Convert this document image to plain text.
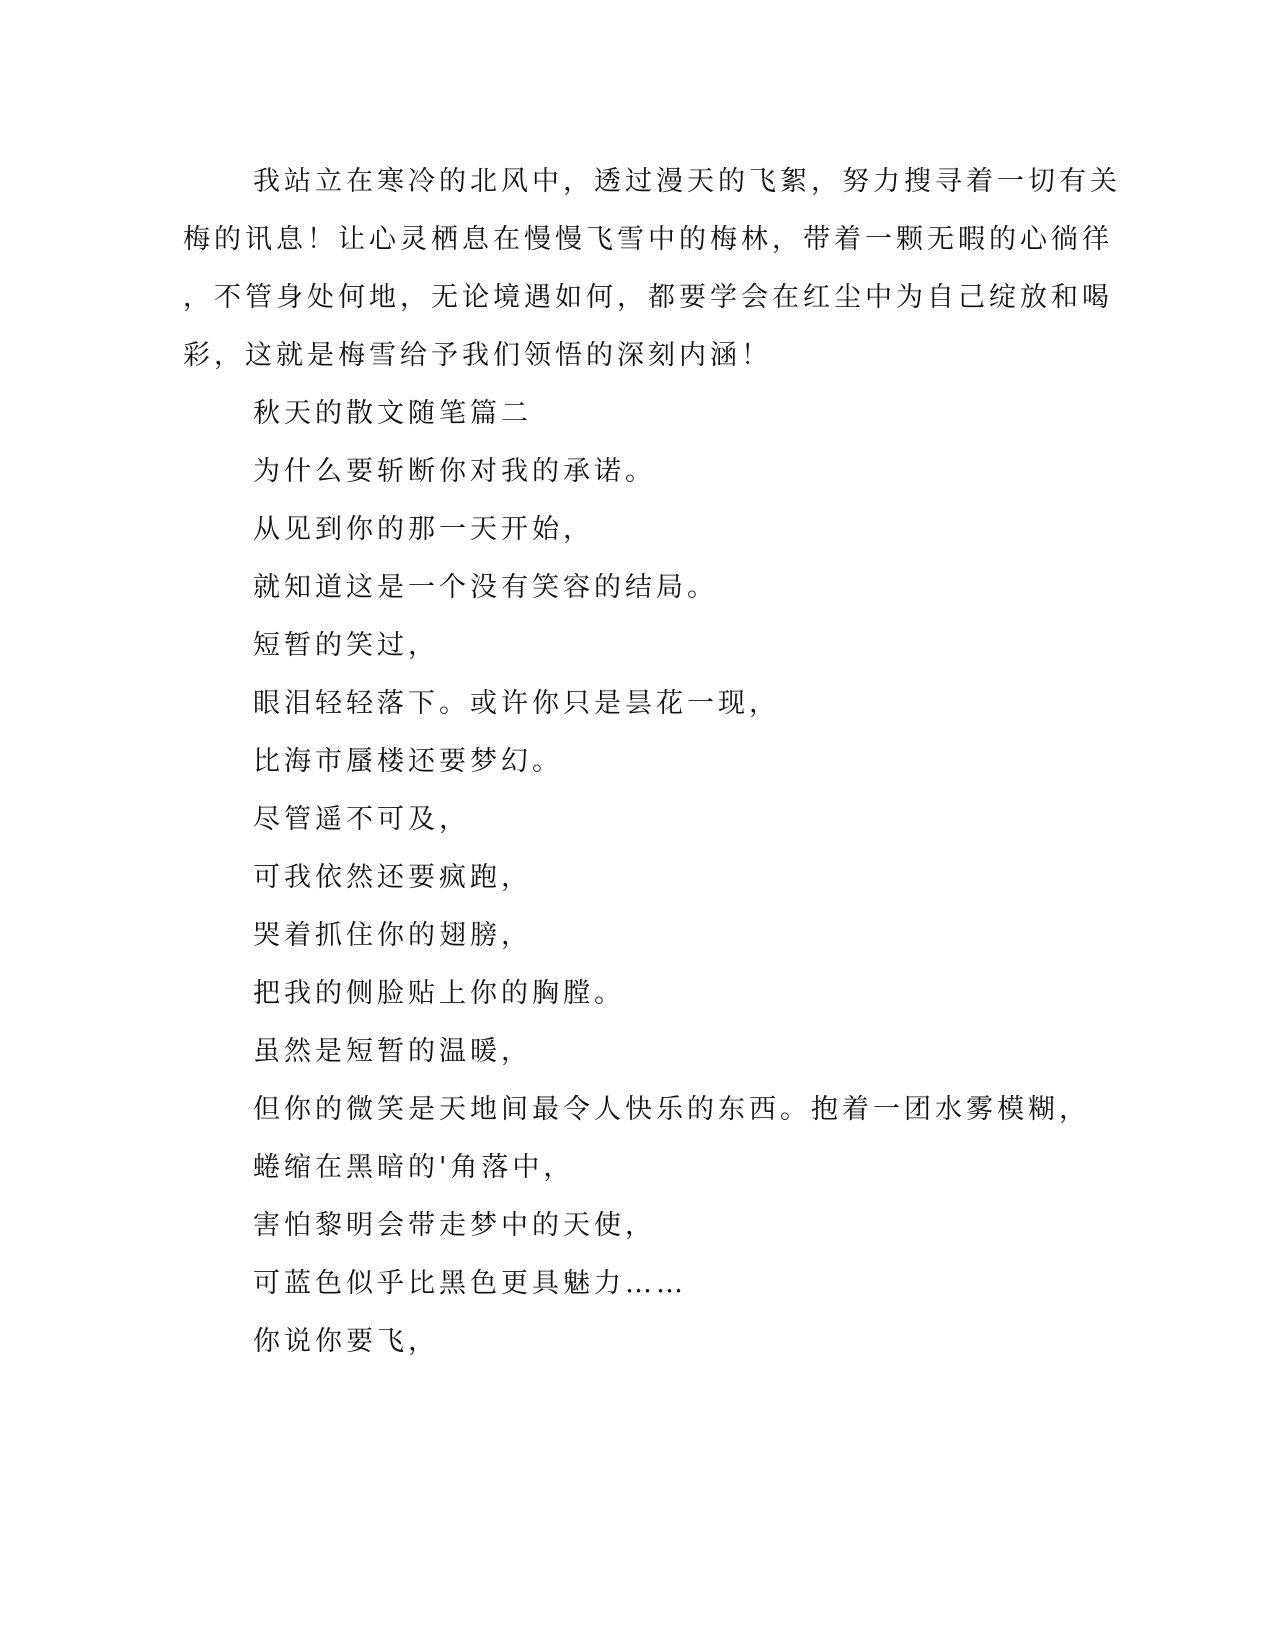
我站立在寒冷的北风中，透过漫天的飞絮，努力搜寻着一切有关
梅的讯息！让心灵栖息在慢慢飞雪中的梅林，带着一颗无暇的心徜徉
，不管身处何地，无论境遇如何，都要学会在红尘中为自己绽放和喝
彩，这就是梅雪给予我们领悟的深刻内涵！
秋天的散文随笔篇二
为什么要斩断你对我的承诺。
从见到你的那一天开始，
就知道这是一个没有笑容的结局。
短暂的笑过，
眼泪轻轻落下。或许你只是昙花一现，
比海市蜃楼还要梦幻。
尽管遥不可及，
可我依然还要疯跑，
哭着抓住你的翅膀，
把我的侧脸贴上你的胸膛。
虽然是短暂的温暖，
但你的微笑是天地间最令人快乐的东西。抱着一团水雾模糊，
蜷缩在黑暗的'角落中，
害怕黎明会带走梦中的天使，
可蓝色似乎比黑色更具魅力……
你说你要飞，
